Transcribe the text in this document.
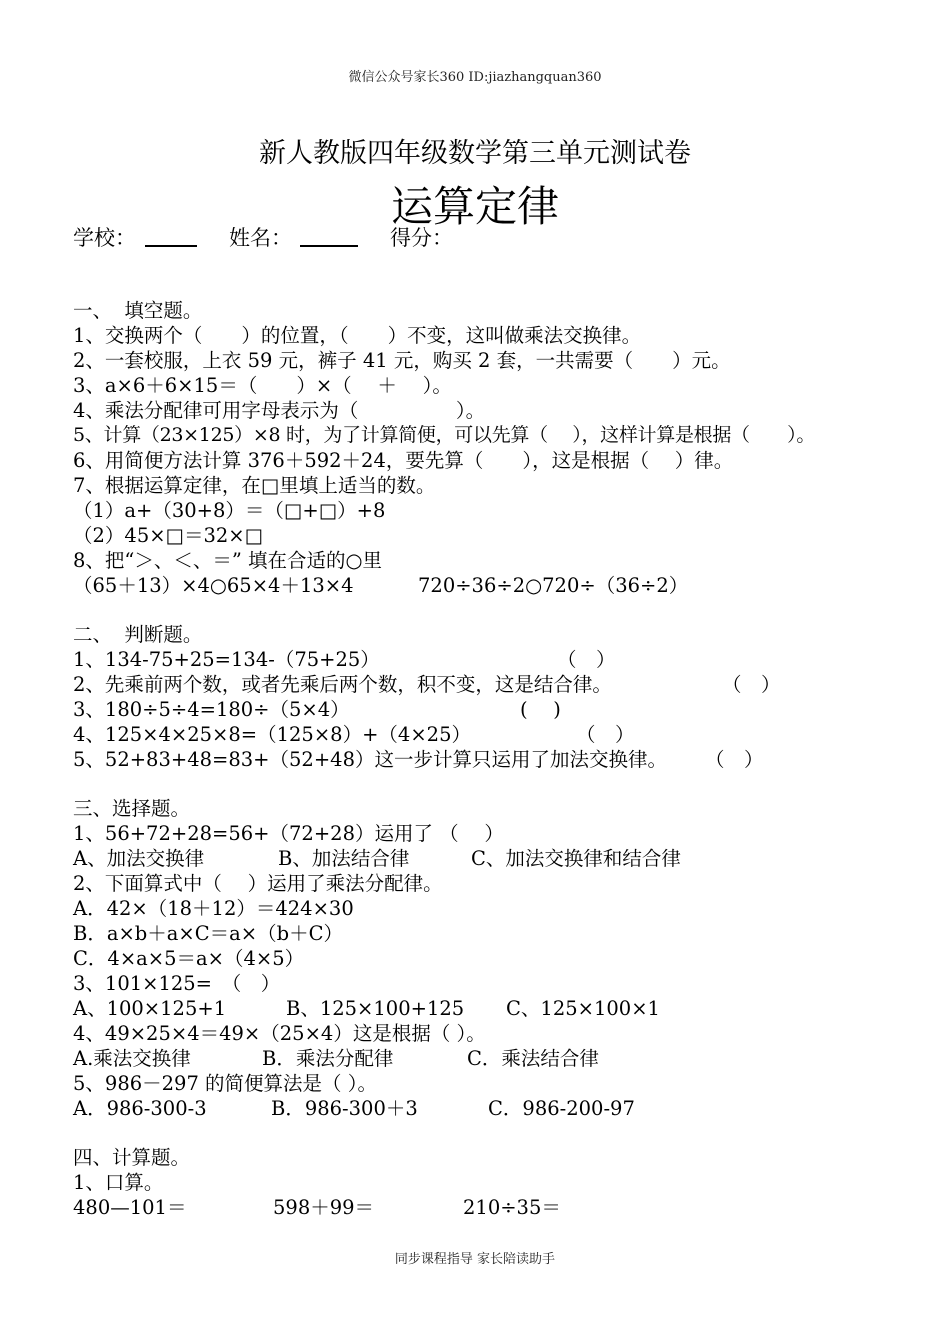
微信公众号家长360 ID:jiazhangquan360
新人教版四年级数学第三单元测试卷
运算定律
学校：	姓名：	得分：
一、  填空题。
1、交换两个（　　）的位置，（　　）不变，这叫做乘法交换律。
2、一套校服，上衣 59 元，裤子 41 元，购买 2 套，一共需要（　　）元。
3、a×6＋6×15＝（　　）×（　 ＋　 ）。
4、乘法分配律可用字母表示为（　　　　　）。
5、计算（23×125）×8 时，为了计算简便，可以先算（　 ），这样计算是根据（　　）。
6、用简便方法计算 376＋592＋24，要先算（　　），这是根据（　 ）律。
7、根据运算定律，在□里填上适当的数。
（1）a+（30+8）＝（□+□）+8
（2）45×□＝32×□
8、把“＞、＜、＝” 填在合适的○里
（65＋13）×4○65×4＋13×4	720÷36÷2○720÷（36÷2）
二、  判断题。
1、134-75+25=134-（75+25）	（　）
2、先乘前两个数，或者先乘后两个数，积不变，这是结合律。	（　）
3、180÷5÷4=180÷（5×4）	(　 )
4、125×4×25×8=（125×8）+（4×25）	（　）
5、52+83+48=83+（52+48）这一步计算只运用了加法交换律。 （　）
三、选择题。
1、56+72+28=56+（72+28）运用了 （　 ）
A、加法交换律	B、加法结合律	C、加法交换律和结合律
2、下面算式中（　 ）运用了乘法分配律。
A．42×（18＋12）＝424×30
B．a×b＋a×C＝a×（b＋C）
C．4×a×5＝a×（4×5）
3、101×125=　（　）
A、100×125+1	B、125×100+125 C、125×100×1
4、49×25×4＝49×（25×4）这是根据（ ）。
A.乘法交换律	B．乘法分配律	C．乘法结合律
5、986－297 的简便算法是（ ）。
A．986-300-3	B．986-300＋3	C．986-200-97
四、计算题。
1、口算。
480—101＝	598＋99＝	210÷35＝
同步课程指导 家长陪读助手
